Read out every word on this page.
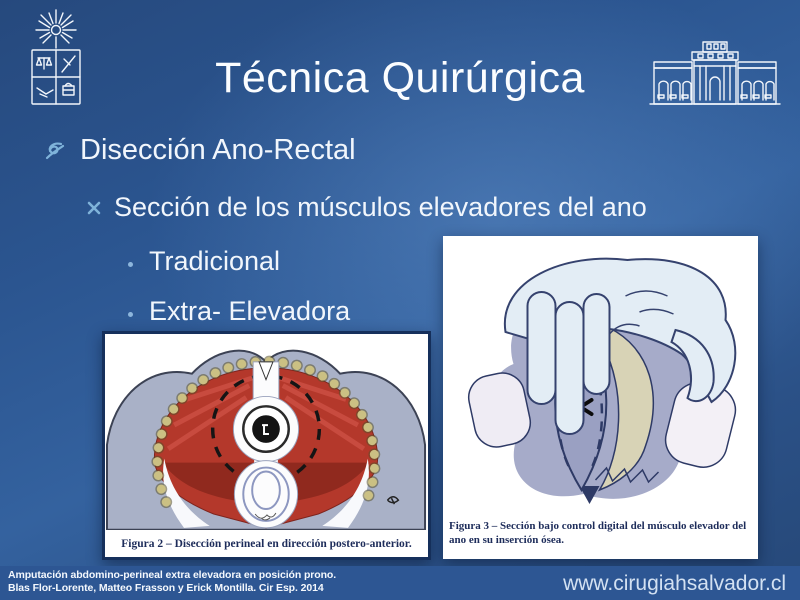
Técnica Quirúrgica
Disección Ano-Rectal
Sección de los músculos elevadores del ano
Tradicional
Extra- Elevadora
Figura 2 – Disección perineal en dirección postero-anterior.
Figura 3 – Sección bajo control digital del músculo elevador del ano en su inserción ósea.
Amputación abdomino-perineal extra elevadora en posición prono.
Blas Flor-Lorente, Matteo Frasson y Erick Montilla. Cir Esp. 2014	www.cirugiahsalvador.cl
